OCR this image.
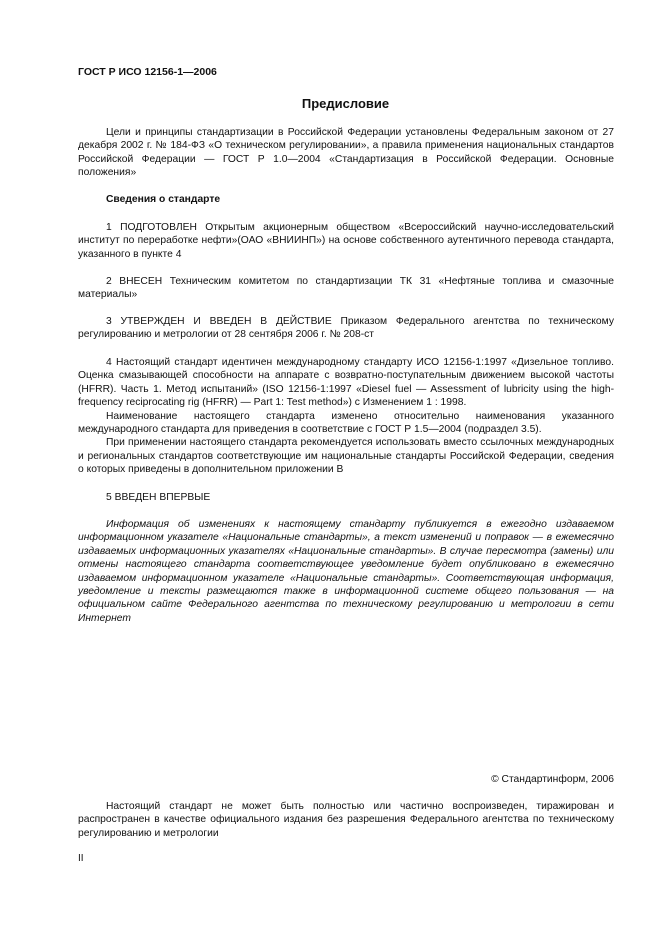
ГОСТ Р ИСО 12156-1—2006
Предисловие

Цели и принципы стандартизации в Российской Федерации установлены Федеральным законом от 27 декабря 2002 г. № 184-ФЗ «О техническом регулировании», а правила применения национальных стандартов Российской Федерации — ГОСТ Р 1.0—2004 «Стандартизация в Российской Федерации. Основные положения»

Сведения о стандарте

1 ПОДГОТОВЛЕН Открытым акционерным обществом «Всероссийский научно-исследовательский институт по переработке нефти»(ОАО «ВНИИНП») на основе собственного аутентичного перевода стандарта, указанного в пункте 4

2 ВНЕСЕН Техническим комитетом по стандартизации ТК 31 «Нефтяные топлива и смазочные материалы»

3 УТВЕРЖДЕН И ВВЕДЕН В ДЕЙСТВИЕ Приказом Федерального агентства по техническому регулированию и метрологии от 28 сентября 2006 г. № 208-ст

4 Настоящий стандарт идентичен международному стандарту ИСО 12156-1:1997 «Дизельное топливо. Оценка смазывающей способности на аппарате с возвратно-поступательным движением высокой частоты (HFRR). Часть 1. Метод испытаний» (ISO 12156-1:1997 «Diesel fuel — Assessment of lubricity using the high-frequency reciprocating rig (HFRR) — Part 1: Test method») с Изменением 1 : 1998.

Наименование настоящего стандарта изменено относительно наименования указанного международного стандарта для приведения в соответствие с ГОСТ Р 1.5—2004 (подраздел 3.5).

При применении настоящего стандарта рекомендуется использовать вместо ссылочных международных и региональных стандартов соответствующие им национальные стандарты Российской Федерации, сведения о которых приведены в дополнительном приложении В

5 ВВЕДЕН ВПЕРВЫЕ

Информация об изменениях к настоящему стандарту публикуется в ежегодно издаваемом информационном указателе «Национальные стандарты», а текст изменений и поправок — в ежемесячно издаваемых информационных указателях «Национальные стандарты». В случае пересмотра (замены) или отмены настоящего стандарта соответствующее уведомление будет опубликовано в ежемесячно издаваемом информационном указателе «Национальные стандарты». Соответствующая информация, уведомление и тексты размещаются также в информационной системе общего пользования — на официальном сайте Федерального агентства по техническому регулированию и метрологии в сети Интернет

© Стандартинформ, 2006

Настоящий стандарт не может быть полностью или частично воспроизведен, тиражирован и распространен в качестве официального издания без разрешения Федерального агентства по техническому регулированию и метрологии

II
